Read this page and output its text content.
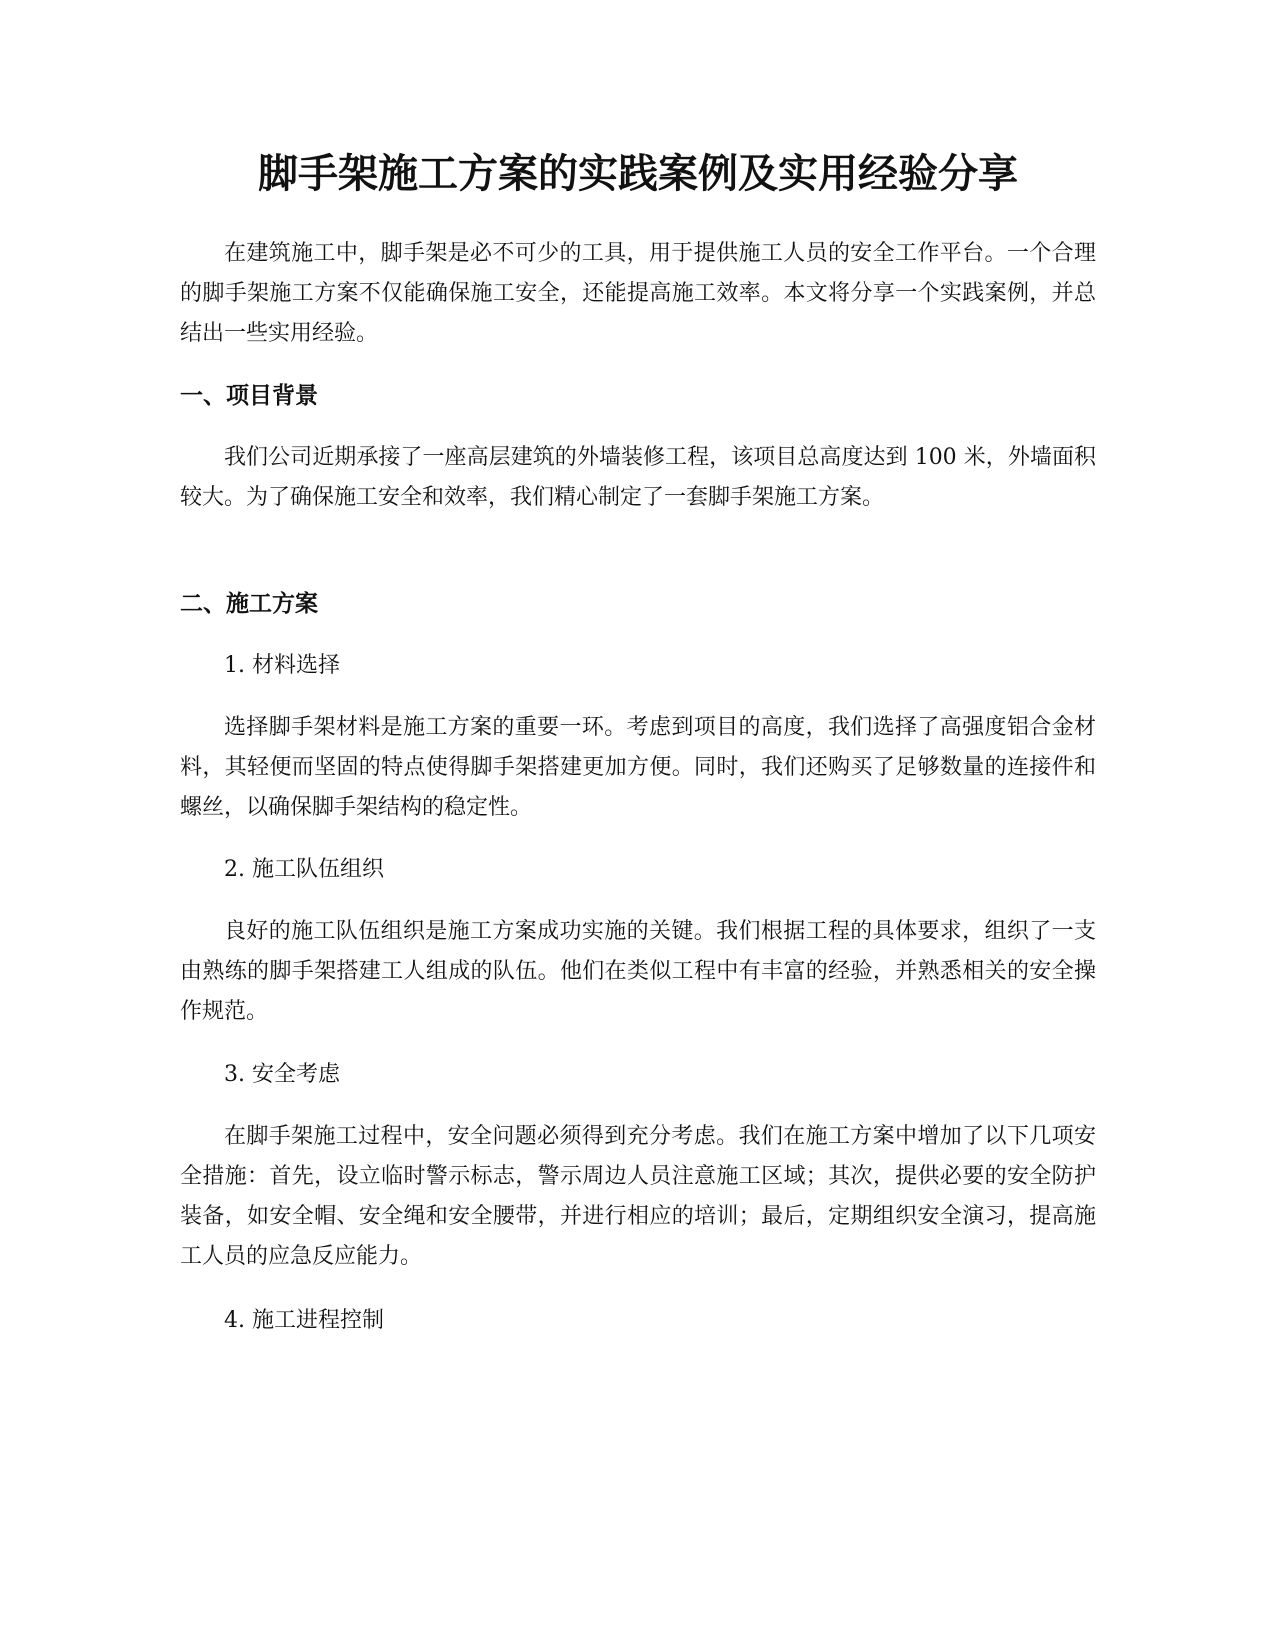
脚手架施工方案的实践案例及实用经验分享

在建筑施工中，脚手架是必不可少的工具，用于提供施工人员的安全工作平台。一个合理的脚手架施工方案不仅能确保施工安全，还能提高施工效率。本文将分享一个实践案例，并总结出一些实用经验。

一、项目背景

我们公司近期承接了一座高层建筑的外墙装修工程，该项目总高度达到 100 米，外墙面积较大。为了确保施工安全和效率，我们精心制定了一套脚手架施工方案。

二、施工方案

1. 材料选择

选择脚手架材料是施工方案的重要一环。考虑到项目的高度，我们选择了高强度铝合金材料，其轻便而坚固的特点使得脚手架搭建更加方便。同时，我们还购买了足够数量的连接件和螺丝，以确保脚手架结构的稳定性。

2. 施工队伍组织

良好的施工队伍组织是施工方案成功实施的关键。我们根据工程的具体要求，组织了一支由熟练的脚手架搭建工人组成的队伍。他们在类似工程中有丰富的经验，并熟悉相关的安全操作规范。

3. 安全考虑

在脚手架施工过程中，安全问题必须得到充分考虑。我们在施工方案中增加了以下几项安全措施：首先，设立临时警示标志，警示周边人员注意施工区域；其次，提供必要的安全防护装备，如安全帽、安全绳和安全腰带，并进行相应的培训；最后，定期组织安全演习，提高施工人员的应急反应能力。

4. 施工进程控制
